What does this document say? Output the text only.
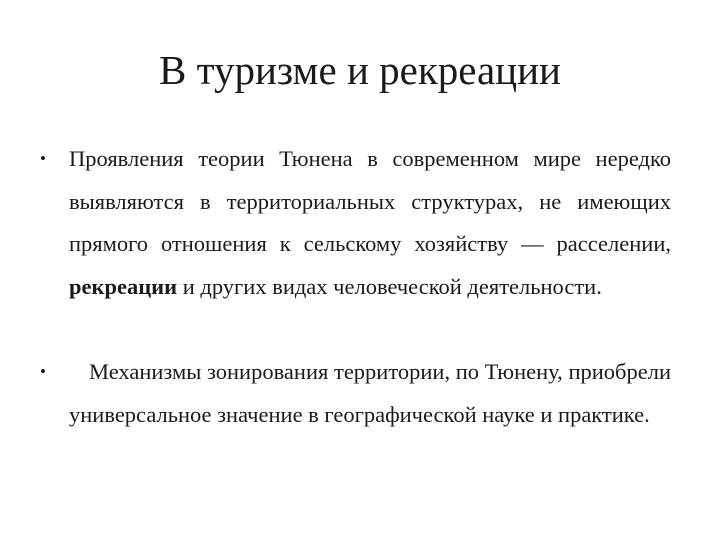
В туризме и рекреации
• Проявления теории Тюнена в современном мире нередко выявляются в территориальных структурах, не имеющих прямого отношения к сельскому хозяйству — расселении, рекреации и других видах человеческой деятельности.

•	Механизмы зонирования территории, по Тюнену, приобрели универсальное значение в географической науке и практике.
